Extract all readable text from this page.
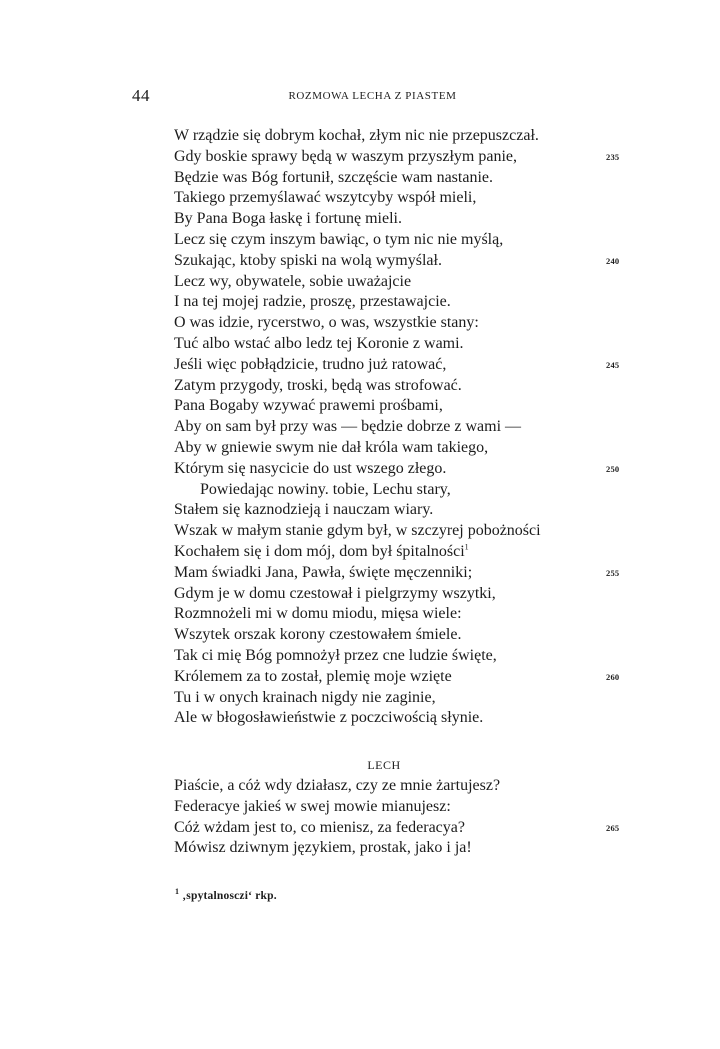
44	ROZMOWA LECHA Z PIASTEM
W rządzie się dobrym kochał, złym nic nie przepuszczał.
Gdy boskie sprawy będą w waszym przyszłym panie,	235
Będzie was Bóg fortunił, szczęście wam nastanie.
Takiego przemyślawać wszytcyby współ mieli,
By Pana Boga łaskę i fortunę mieli.
Lecz się czym inszym bawiąc, o tym nic nie myślą,
Szukając, ktoby spiski na wolą wymyślał.	240
Lecz wy, obywatele, sobie uważajcie
I na tej mojej radzie, proszę, przestawajcie.
O was idzie, rycerstwo, o was, wszystkie stany:
Tuć albo wstać albo ledz tej Koronie z wami.
Jeśli więc pobłądzicie, trudno już ratować,	245
Zatym przygody, troski, będą was strofować.
Pana Bogaby wzywać prawemi prośbami,
Aby on sam był przy was — będzie dobrze z wami —
Aby w gniewie swym nie dał króla wam takiego,
Którym się nasycicie do ust wszego złego.	250
Powiedając nowiny. tobie, Lechu stary,
Stałem się kaznodzieją i nauczam wiary.
Wszak w małym stanie gdym był, w szczyrej pobożności
Kochałem się i dom mój, dom był śpitalności$^1$
Mam świadki Jana, Pawła, święte męczenniki;	255
Gdym je w domu czestował i pielgrzymy wszytki,
Rozmnożeli mi w domu miodu, mięsa wiele:
Wszytek orszak korony czestowałem śmiele.
Tak ci mię Bóg pomnożył przez cne ludzie święte,
Królemem za to został, plemię moje wzięte	260
Tu i w onych krainach nigdy nie zaginie,
Ale w błogosławieństwie z poczciwością słynie.
LECH
Piaście, a cóż wdy działasz, czy ze mnie żartujesz?
Federacye jakieś w swej mowie mianujesz:
Cóż wżdam jest to, co mienisz, za federacya?	265
Mówisz dziwnym językiem, prostak, jako i ja!
$^1$ ‚spytalnosczi‘ rkp.
